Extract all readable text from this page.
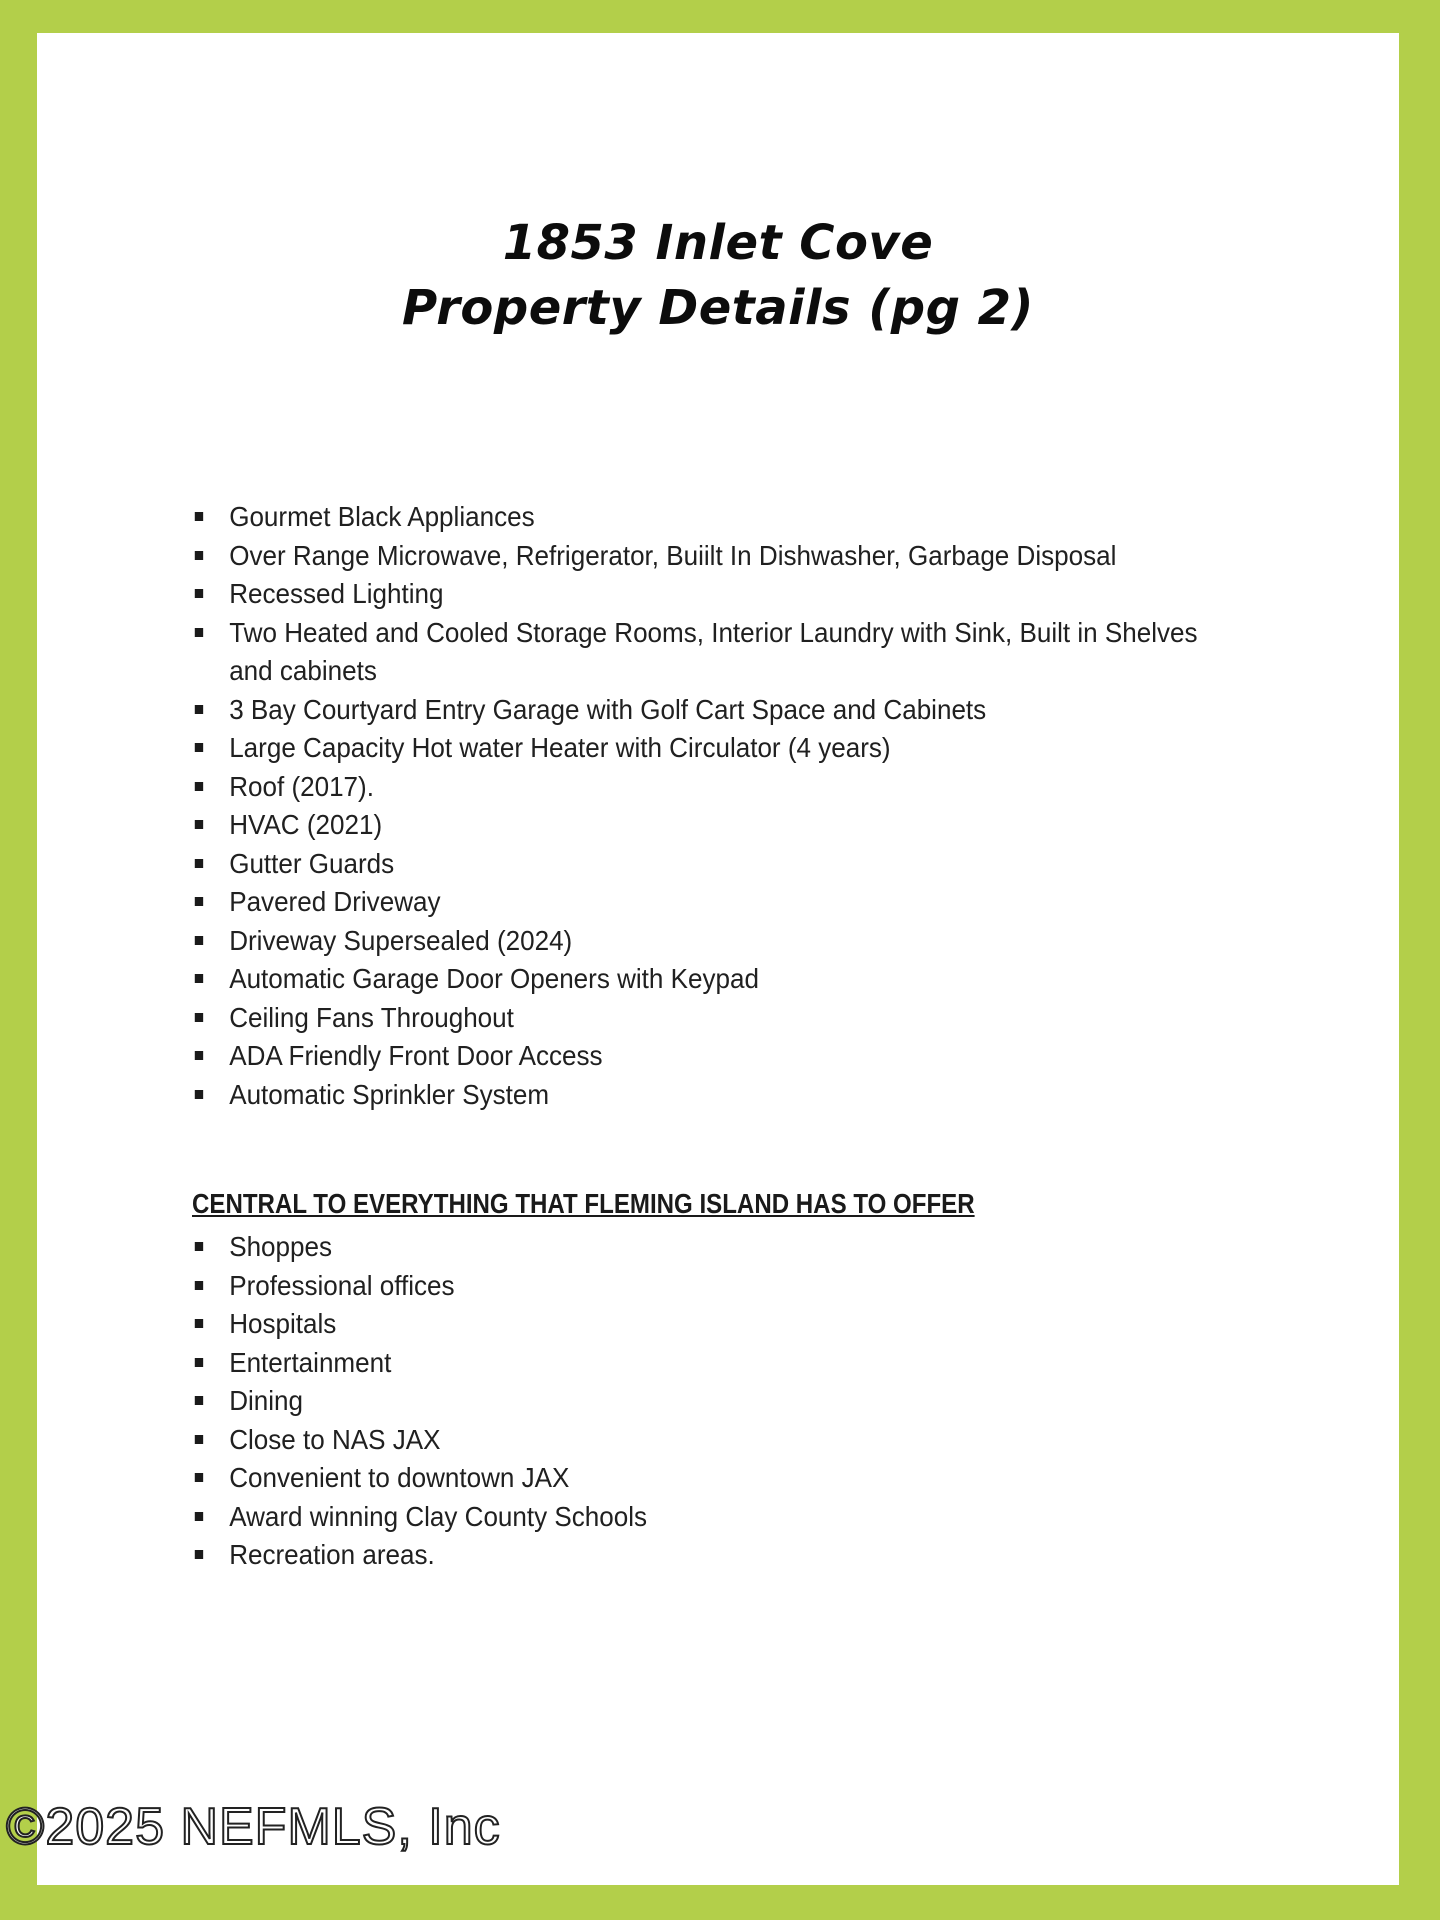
1853 Inlet Cove
Property Details (pg 2)
Gourmet Black Appliances
Over Range Microwave, Refrigerator, Buiilt In Dishwasher, Garbage Disposal
Recessed Lighting
Two Heated and Cooled Storage Rooms, Interior Laundry with Sink, Built in Shelves and cabinets
3 Bay Courtyard Entry Garage with Golf Cart Space and Cabinets
Large Capacity Hot water Heater with Circulator (4 years)
Roof (2017).
HVAC (2021)
Gutter Guards
Pavered Driveway
Driveway Supersealed (2024)
Automatic Garage Door Openers with Keypad
Ceiling Fans Throughout
ADA Friendly Front Door Access
Automatic Sprinkler System
CENTRAL TO EVERYTHING THAT FLEMING ISLAND HAS TO OFFER
Shoppes
Professional offices
Hospitals
Entertainment
Dining
Close to NAS JAX
Convenient to downtown JAX
Award winning Clay County Schools
Recreation areas.
©2025 NEFMLS, Inc
